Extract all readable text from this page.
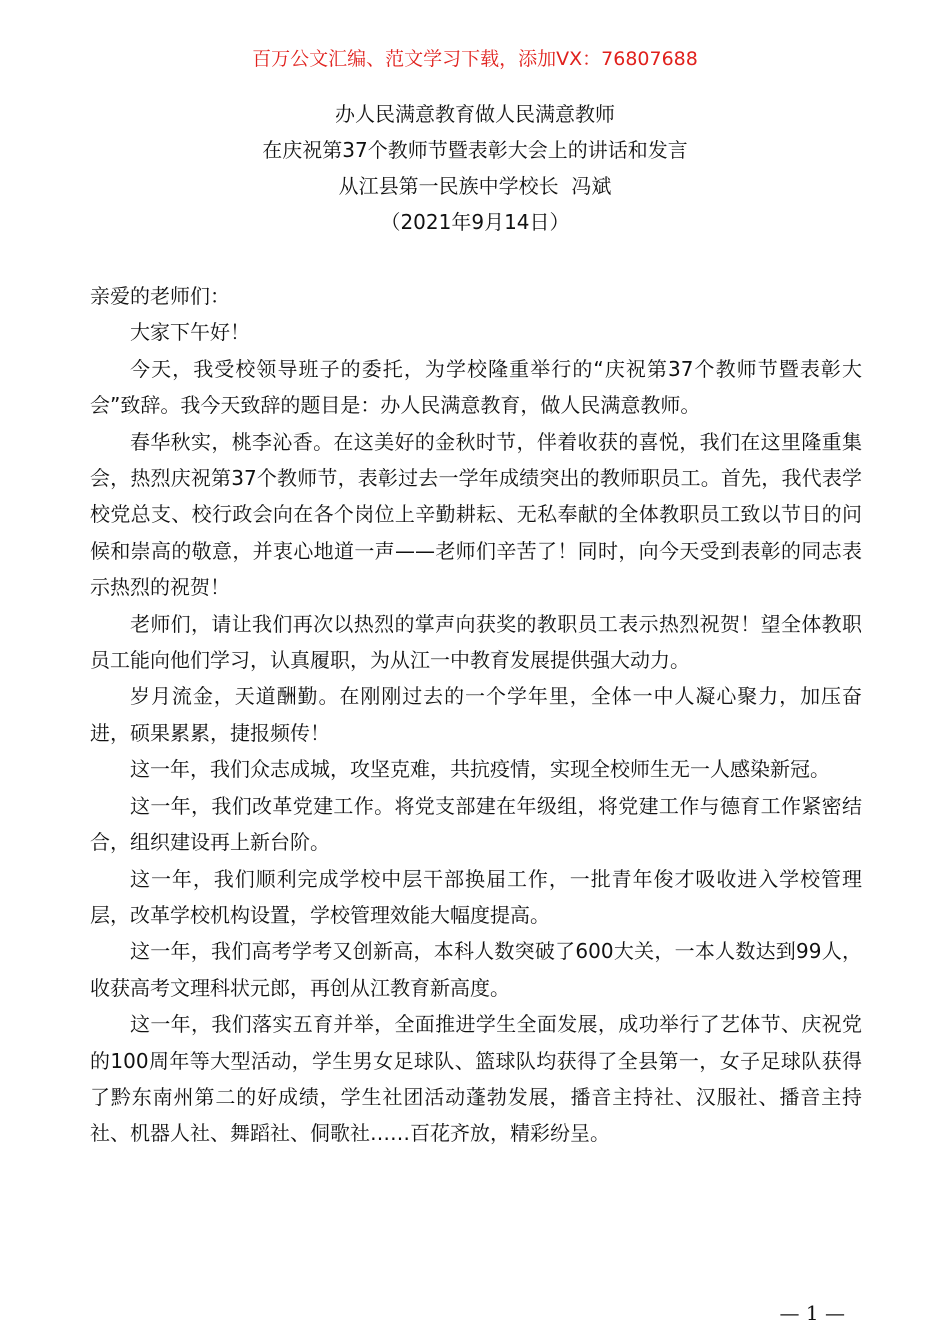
百万公文汇编、范文学习下载，添加VX：76807688
办人民满意教育做人民满意教师
在庆祝第37个教师节暨表彰大会上的讲话和发言
从江县第一民族中学校长  冯斌
（2021年9月14日）

亲爱的老师们：

大家下午好！

今天，我受校领导班子的委托，为学校隆重举行的“庆祝第37个教师节暨表彰大会”致辞。我今天致辞的题目是：办人民满意教育，做人民满意教师。

春华秋实，桃李沁香。在这美好的金秋时节，伴着收获的喜悦，我们在这里隆重集会，热烈庆祝第37个教师节，表彰过去一学年成绩突出的教师职员工。首先，我代表学校党总支、校行政会向在各个岗位上辛勤耕耘、无私奉献的全体教职员工致以节日的问候和崇高的敬意，并衷心地道一声——老师们辛苦了！同时，向今天受到表彰的同志表示热烈的祝贺！

老师们，请让我们再次以热烈的掌声向获奖的教职员工表示热烈祝贺！望全体教职员工能向他们学习，认真履职，为从江一中教育发展提供强大动力。

岁月流金，天道酬勤。在刚刚过去的一个学年里，全体一中人凝心聚力，加压奋进，硕果累累，捷报频传！

这一年，我们众志成城，攻坚克难，共抗疫情，实现全校师生无一人感染新冠。

这一年，我们改革党建工作。将党支部建在年级组，将党建工作与德育工作紧密结合，组织建设再上新台阶。

这一年，我们顺利完成学校中层干部换届工作，一批青年俊才吸收进入学校管理层，改革学校机构设置，学校管理效能大幅度提高。

这一年，我们高考学考又创新高，本科人数突破了600大关，一本人数达到99人，收获高考文理科状元郎，再创从江教育新高度。

这一年，我们落实五育并举，全面推进学生全面发展，成功举行了艺体节、庆祝党的100周年等大型活动，学生男女足球队、篮球队均获得了全县第一，女子足球队获得了黔东南州第二的好成绩，学生社团活动蓬勃发展，播音主持社、汉服社、播音主持社、机器人社、舞蹈社、侗歌社……百花齐放，精彩纷呈。

— 1 —
